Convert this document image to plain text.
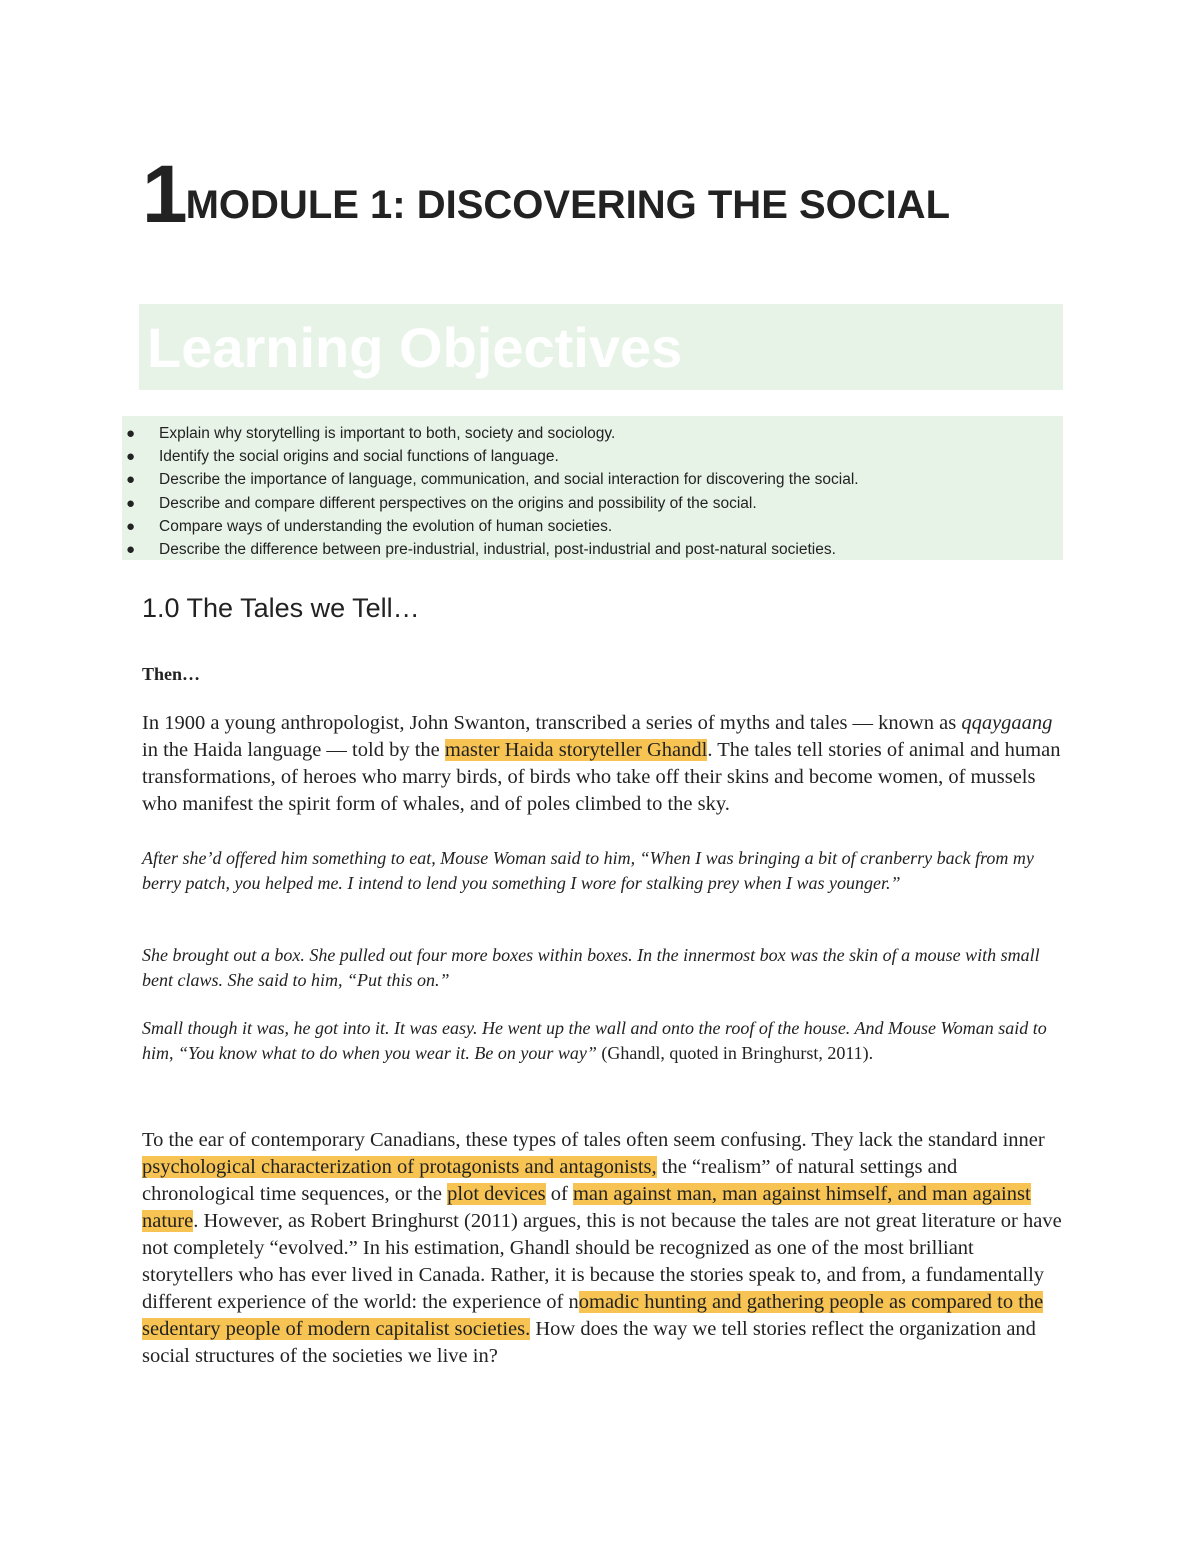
1MODULE 1: DISCOVERING THE SOCIAL
Learning Objectives
● Explain why storytelling is important to both, society and sociology.
● Identify the social origins and social functions of language.
● Describe the importance of language, communication, and social interaction for discovering the social.
● Describe and compare different perspectives on the origins and possibility of the social.
● Compare ways of understanding the evolution of human societies.
● Describe the difference between pre-industrial, industrial, post-industrial and post-natural societies.
1.0 The Tales we Tell…

Then…

In 1900 a young anthropologist, John Swanton, transcribed a series of myths and tales — known as qqaygaang in the Haida language — told by the master Haida storyteller Ghandl. The tales tell stories of animal and human transformations, of heroes who marry birds, of birds who take off their skins and become women, of mussels who manifest the spirit form of whales, and of poles climbed to the sky.

After she’d offered him something to eat, Mouse Woman said to him, “When I was bringing a bit of cranberry back from my berry patch, you helped me. I intend to lend you something I wore for stalking prey when I was younger.”

She brought out a box. She pulled out four more boxes within boxes. In the innermost box was the skin of a mouse with small bent claws. She said to him, “Put this on.”

Small though it was, he got into it. It was easy. He went up the wall and onto the roof of the house. And Mouse Woman said to him, “You know what to do when you wear it. Be on your way” (Ghandl, quoted in Bringhurst, 2011).

To the ear of contemporary Canadians, these types of tales often seem confusing. They lack the standard inner psychological characterization of protagonists and antagonists, the “realism” of natural settings and chronological time sequences, or the plot devices of man against man, man against himself, and man against nature. However, as Robert Bringhurst (2011) argues, this is not because the tales are not great literature or have not completely “evolved.” In his estimation, Ghandl should be recognized as one of the most brilliant storytellers who has ever lived in Canada. Rather, it is because the stories speak to, and from, a fundamentally different experience of the world: the experience of nomadic hunting and gathering people as compared to the sedentary people of modern capitalist societies. How does the way we tell stories reflect the organization and social structures of the societies we live in?
